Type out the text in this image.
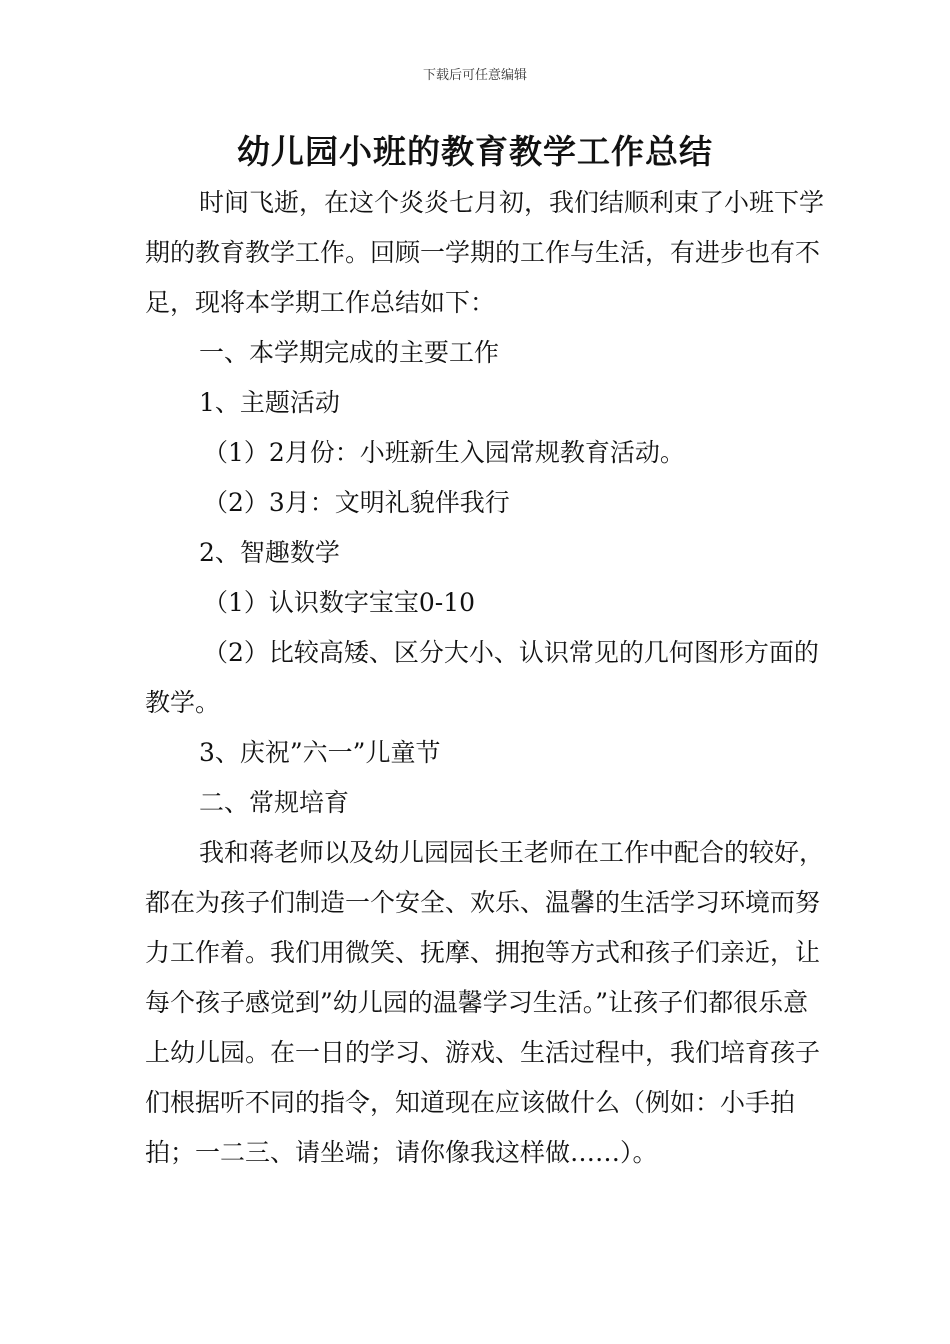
下载后可任意编辑
幼儿园小班的教育教学工作总结

时间飞逝，在这个炎炎七月初，我们结顺利束了小班下学期的教育教学工作。回顾一学期的工作与生活，有进步也有不足，现将本学期工作总结如下：

一、本学期完成的主要工作

1、主题活动

（1）2月份：小班新生入园常规教育活动。

（2）3月：文明礼貌伴我行

2、智趣数学

（1）认识数字宝宝0-10

（2）比较高矮、区分大小、认识常见的几何图形方面的教学。

3、庆祝”六一”儿童节

二、常规培育

我和蒋老师以及幼儿园园长王老师在工作中配合的较好，都在为孩子们制造一个安全、欢乐、温馨的生活学习环境而努力工作着。我们用微笑、抚摩、拥抱等方式和孩子们亲近，让每个孩子感觉到”幼儿园的温馨学习生活。”让孩子们都很乐意上幼儿园。在一日的学习、游戏、生活过程中，我们培育孩子们根据听不同的指令，知道现在应该做什么（例如：小手拍拍；一二三、请坐端；请你像我这样做……）。
